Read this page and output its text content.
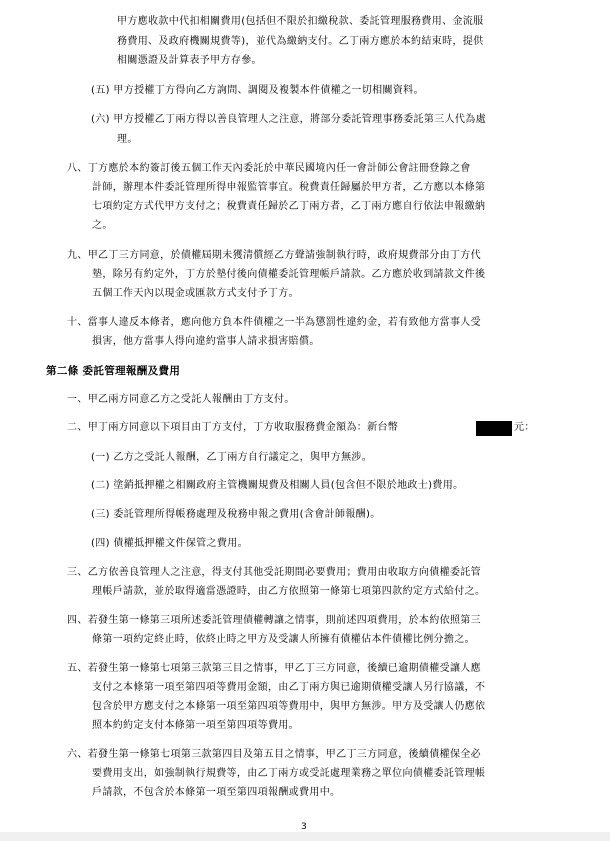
甲方應收款中代扣相關費用(包括但不限於扣繳稅款、委託管理服務費用、金流服
務費用、及政府機關規費等)，並代為繳納支付。乙丁兩方應於本約結束時，提供
相關憑證及計算表予甲方存參。
(五) 甲方授權丁方得向乙方詢問、調閱及複製本件債權之一切相關資料。
(六) 甲方授權乙丁兩方得以善良管理人之注意，將部分委託管理事務委託第三人代為處
理。
八、丁方應於本約簽訂後五個工作天內委託於中華民國境內任一會計師公會註冊登錄之會
計師，辦理本件委託管理所得申報監管事宜。稅費責任歸屬於甲方者，乙方應以本條第
七項約定方式代甲方支付之；稅費責任歸於乙丁兩方者，乙丁兩方應自行依法申報繳納
之。
九、甲乙丁三方同意，於債權屆期未獲清償經乙方聲請強制執行時，政府規費部分由丁方代
墊，除另有約定外，丁方於墊付後向債權委託管理帳戶請款。乙方應於收到請款文件後
五個工作天內以現金或匯款方式支付予丁方。
十、當事人違反本條者，應向他方負本件債權之一半為懲罰性違約金，若有致他方當事人受
損害，他方當事人得向違約當事人請求損害賠償。
第二條 委託管理報酬及費用
一、甲乙兩方同意乙方之受託人報酬由丁方支付。
二、甲丁兩方同意以下項目由丁方支付，丁方收取服務費金額為：新台幣	元：
(一) 乙方之受託人報酬，乙丁兩方自行議定之，與甲方無涉。
(二) 塗銷抵押權之相關政府主管機關規費及相關人員(包含但不限於地政士)費用。
(三) 委託管理所得帳務處理及稅務申報之費用(含會計師報酬)。
(四) 債權抵押權文件保管之費用。
三、乙方依善良管理人之注意，得支付其他受託期間必要費用；費用由收取方向債權委託管
理帳戶請款，並於取得適當憑證時，由乙方依照第一條第七項第四款約定方式給付之。
四、若發生第一條第三項所述委託管理債權轉讓之情事，則前述四項費用，於本約依照第三
條第一項約定終止時，依終止時之甲方及受讓人所擁有債權佔本件債權比例分擔之。
五、若發生第一條第七項第三款第三目之情事，甲乙丁三方同意，後續已逾期債權受讓人應
支付之本條第一項至第四項等費用金額，由乙丁兩方與已逾期債權受讓人另行協議，不
包含於甲方應支付之本條第一項至第四項等費用中，與甲方無涉。甲方及受讓人仍應依
照本約約定支付本條第一項至第四項等費用。
六、若發生第一條第七項第三款第四目及第五目之情事，甲乙丁三方同意，後續債權保全必
要費用支出，如強制執行規費等，由乙丁兩方或受託處理業務之單位向債權委託管理帳
戶請款，不包含於本條第一項至第四項報酬或費用中。
3
